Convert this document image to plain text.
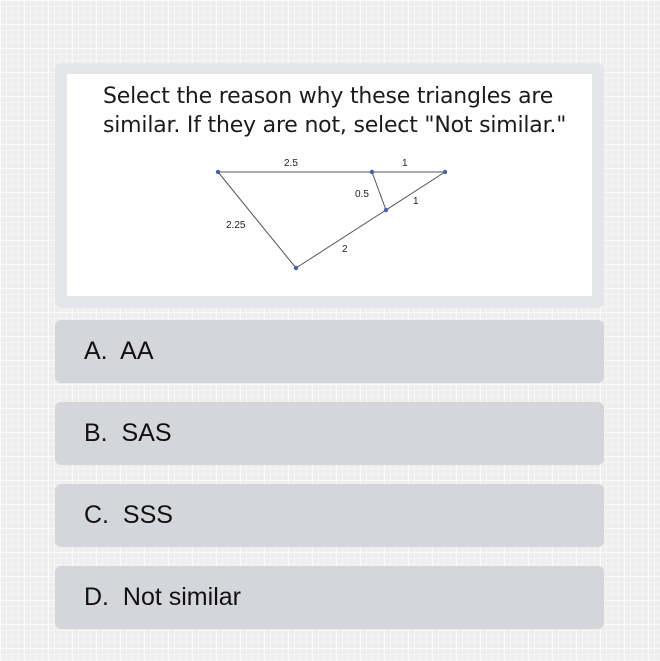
Select the reason why these triangles are similar. If they are not, select "Not similar."

2.5	1
0.5
1
2.25
2
A. AA
B. SAS
C. SSS
D. Not similar
